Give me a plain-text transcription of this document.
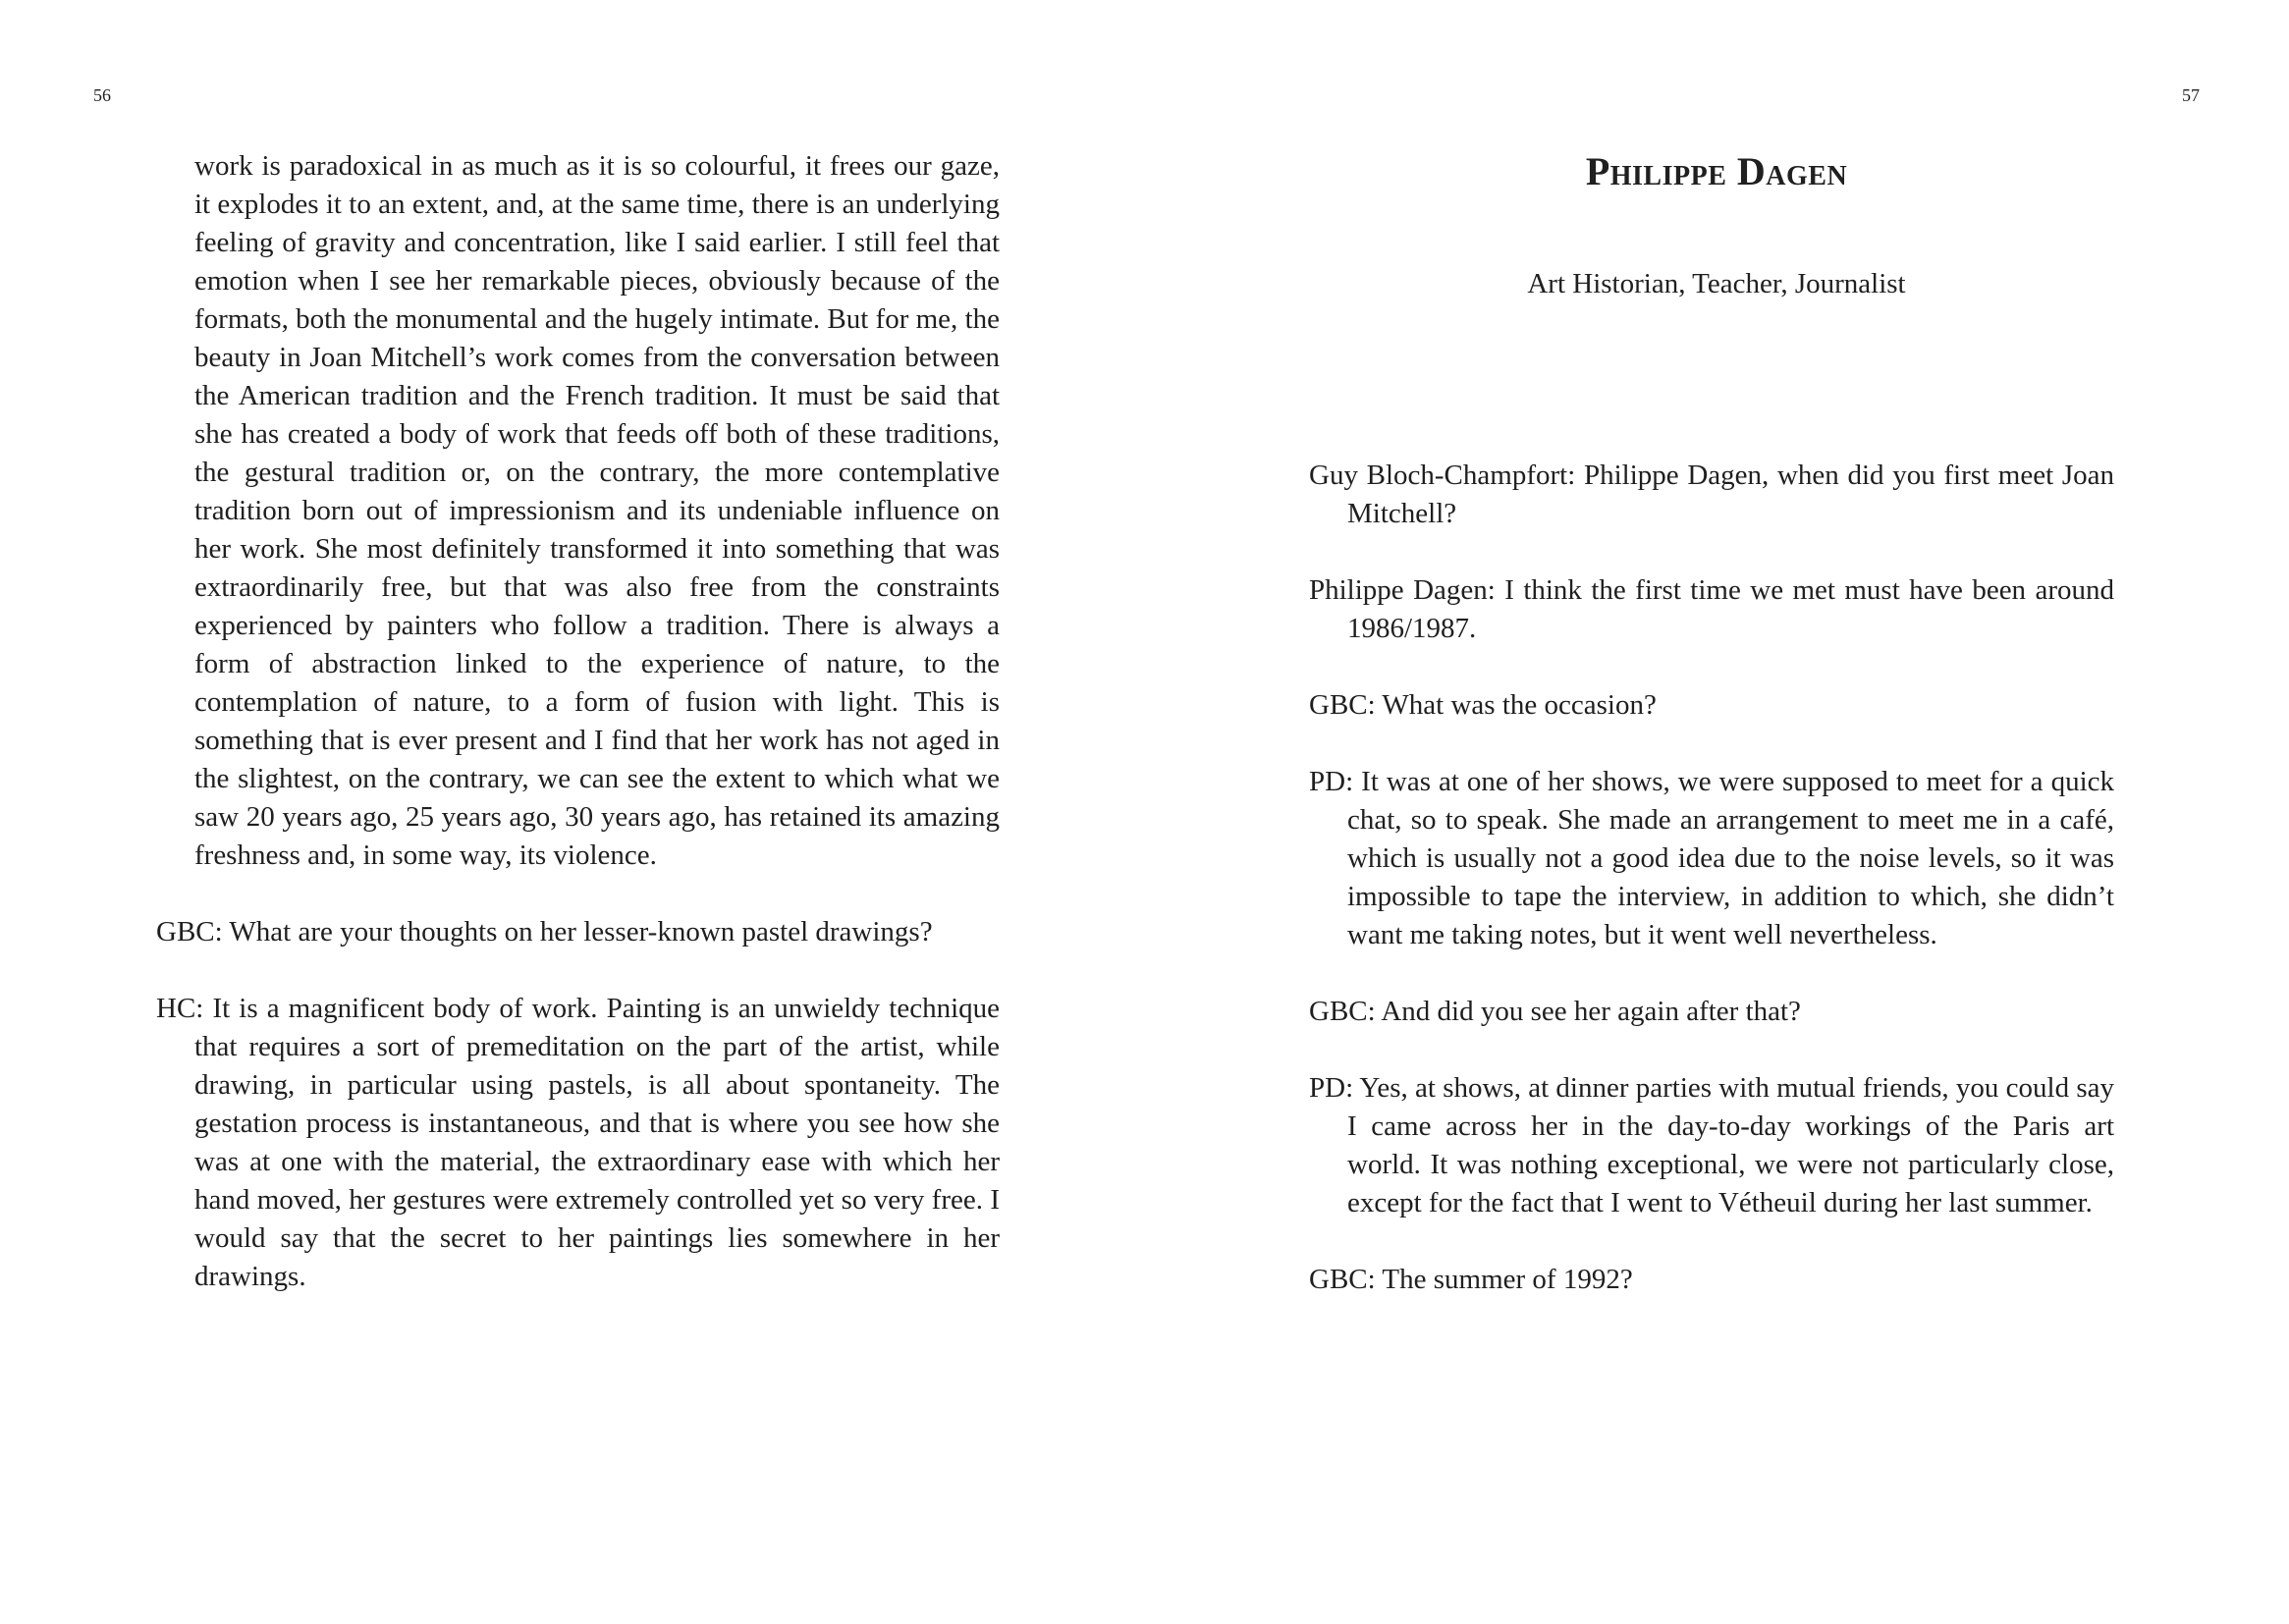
56	57

work is paradoxical in as much as it is so colourful, it frees our gaze, it explodes it to an extent, and, at the same time, there is an underlying feeling of gravity and concentration, like I said earlier. I still feel that emotion when I see her remarkable pieces, obviously because of the formats, both the monumental and the hugely intimate. But for me, the beauty in Joan Mitchell’s work comes from the conversation between the American tradition and the French tradition. It must be said that she has created a body of work that feeds off both of these traditions, the gestural tradition or, on the contrary, the more contemplative tradition born out of impressionism and its undeniable influence on her work. She most definitely transformed it into something that was extraordinarily free, but that was also free from the constraints experienced by painters who follow a tradition. There is always a form of abstraction linked to the experience of nature, to the contemplation of nature, to a form of fusion with light. This is something that is ever present and I find that her work has not aged in the slightest, on the contrary, we can see the extent to which what we saw 20 years ago, 25 years ago, 30 years ago, has retained its amazing freshness and, in some way, its violence.

GBC: What are your thoughts on her lesser-known pastel drawings?

HC: It is a magnificent body of work. Painting is an unwieldy technique that requires a sort of premeditation on the part of the artist, while drawing, in particular using pastels, is all about spontaneity. The gestation process is instantaneous, and that is where you see how she was at one with the material, the extraordinary ease with which her hand moved, her gestures were extremely controlled yet so very free. I would say that the secret to her paintings lies somewhere in her drawings.

Philippe Dagen
Art Historian, Teacher, Journalist

Guy Bloch-Champfort: Philippe Dagen, when did you first meet Joan Mitchell?

Philippe Dagen: I think the first time we met must have been around 1986/1987.

GBC: What was the occasion?

PD: It was at one of her shows, we were supposed to meet for a quick chat, so to speak. She made an arrangement to meet me in a café, which is usually not a good idea due to the noise levels, so it was impossible to tape the interview, in addition to which, she didn’t want me taking notes, but it went well nevertheless.

GBC: And did you see her again after that?

PD: Yes, at shows, at dinner parties with mutual friends, you could say I came across her in the day-to-day workings of the Paris art world. It was nothing exceptional, we were not particularly close, except for the fact that I went to Vétheuil during her last summer.

GBC: The summer of 1992?
